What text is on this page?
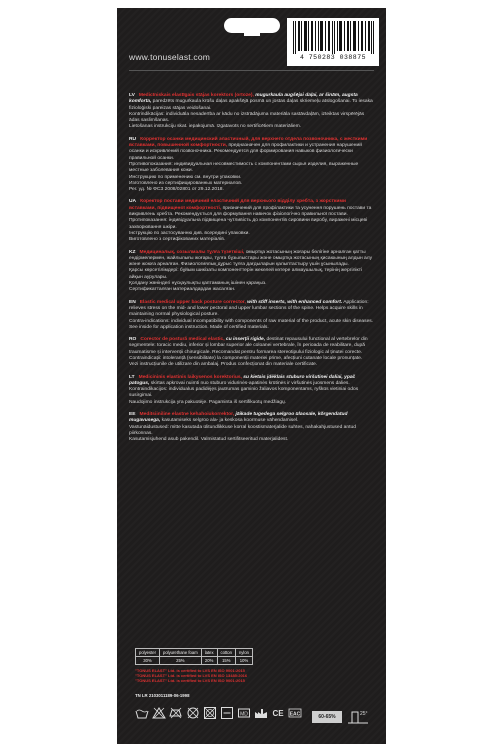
www.tonuselast.com	4 750283 038875

LV Medicīniskais elastīgais stājas korektors (ortoze), mugurkaula augšējai daļai, ar šinām, augsta komforta, paredzēts mugurkaula krūšu daļas apakšējā posmā un jostas daļas skriemeļu atslogošanai. To iesaka fizioloģiski pareizas stājas veidošanai.

Kontrindikācijas: individuāla nesaderība ar kādu no izstrādājuma materiāla sastāvdaļām, izteiktas virspērējās ādas saslimšanas.

Lietošanas instrukciju skat. iepakojumā. Izgatavots no sertificētiem materiāliem.

RU Корректор осанки медицинский эластичный, для верхнего отдела позвоночника, с жесткими вставками, повышенной комфортности, предназначен для профилактики и устранения нарушений осанки и искривлений позвоночника. Рекомендуется для формирования навыков физиологически правильной осанки.

Противопоказания: индивидуальная несовместимость с компонентами сырья изделия, выраженные местные заболевания кожи.

Инструкцию по применению см. внутри упаковки.

Изготовлено из сертифицированных материалов.

Рег. уд. № ФСЗ 2008/02801 от 29.12.2018.

UA Коректор постави медичний еластичний для верхнього відділу хребта, з жорсткими вставками, підвищеної комфортності, призначений для профілактики та усунення порушень постави та викривлень хребта. Рекомендується для формування навичок фізіологічно правильної постави.

Протипоказання: індивідуальна підвищена чутливість до компонентів сировини виробу, виражені місцеві захворювання шкіри.

Інструкцію по застосуванню див. всередині упаковки.

Виготовлено з сертифікованих матеріалів.

KZ Медициналық, созылмалы тұлға түзеткіші, омыртқа жотасының жоғары бөлігіне арналған қатты ендірмелермен, жайлылығы жоғары, тұлға бұзылыстары және омыртқа жотасының қисаюының алдын алу және жоюға арналған. Физиологиялық дұрыс тұлға дағдыларын қалыптастыру үшін ұсынылады.

Қарсы көрсетілімдері: бұйым шикізаты компоненттерін жекелей көтере алмаушылық, терінің жергілікті айқын аурулары.

Қолдану жөніндегі нұсқаулықты қаптаманың ішінен қараңыз.

Сертификатталған материалдардан жасалған.

EN Elastic medical upper back posture corrector, with stiff inserts, with enhanced comfort. Application: relieves stress on the mid- and lower pectoral and upper lumbar sections of the spine. Helps acquire skills in maintaining normal physiological posture.

Contra-indications: individual incompatibility with components of raw material of the product, acute skin diseases.

See inside for application instruction. Made of certified materials.

RO Corector de postură medical elastic, cu inserții rigide, destinat repausului functional al vertebrelor din segmentele: toracic mediu, inferior și lombar superior ale coloanei vertebrale, în perioada de reabilitare, după traumatisme și intervenții chirurgicale. Recomandat pentru formarea stereotipului fiziologic al ținutei corecte.

Contraindicații: intoleranță (sensibilitate) la componenții materiei prime, afecțiuni cutanate locale pronunțate.

Vezi instrucțiunile de utilizare din ambalaj. Produs confecționat din materiale certificate.

LT Medicininis elastinis laikysenos korektorius, su kietais įdėklais stuburo viršutinei daliai, ypač patogus, skirtas apkrovai nuimti nuo stuburo vidurinės-apatinės krūtinės ir viršutinės juosmens dalies.

Kontraindikacijos: individualus padidėjęs jautrumas gaminio žaliavos komponentams, ryškūs vietiniai odos susirgimai.

Naudojimo instrukcija yra pakuotėje. Pagaminta iš sertifikuotų medžiagų.

EE Meditsiiniline elastne kehahoiukorrektor, jäikade tugedega selgroo ülaosale, kõrgendatud mugavusega, kasutamiseks selgroo ala- ja keskosa koormuse vähendamisel.

Vastunäidustused: mitte kasutada ülitundlikkuse korral koostismaterjalide suhtes, nahakahjustused antud piirkonnas.

Kasutamisjuhend asub pakendil. Valmistatud sertifitseeritud materjalidest.

polyester	polyurethane foam	latex	cotton	nylon
30%	25%	20%	15%	10%
"TONUS ELAST" Ltd. is certified to LVS EN ISO 9001:2015
"TONUS ELAST" Ltd. is certified to LVS EN ISO 13485:2016
"TONUS ELAST" Ltd. is certified to LVS EN ISO 9001:2015
TN LR 2103011189-06-1998
MD	CE EAC	60-65%	25°
